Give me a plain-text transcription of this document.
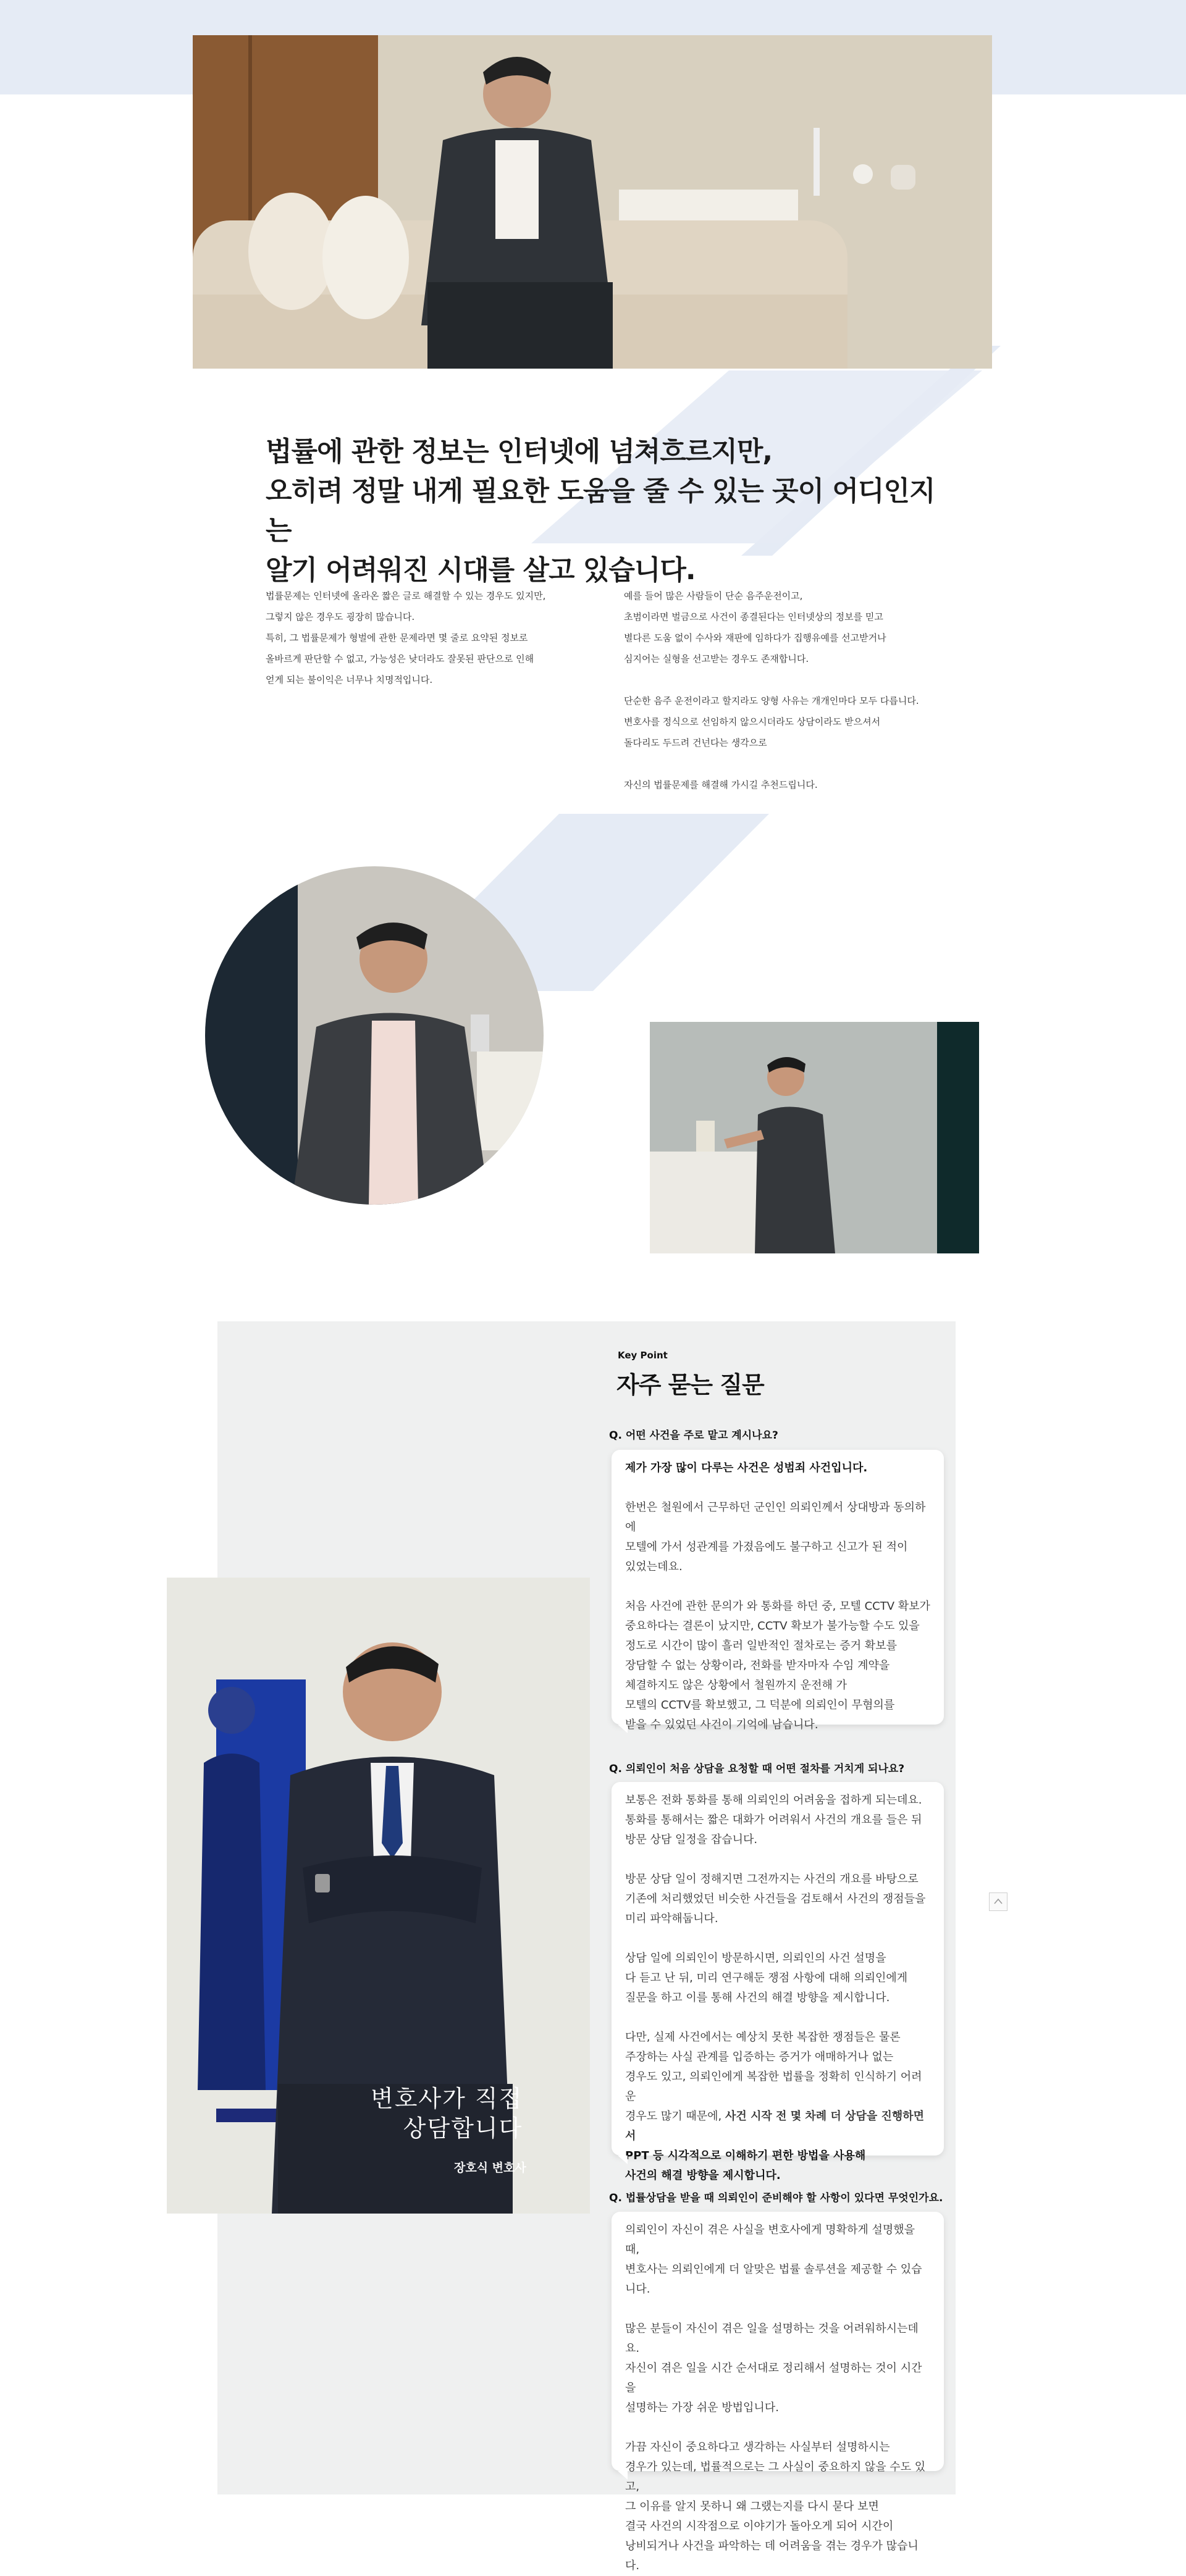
법률에 관한 정보는 인터넷에 넘쳐흐르지만,
오히려 정말 내게 필요한 도움을 줄 수 있는 곳이 어디인지는
알기 어려워진 시대를 살고 있습니다.

법률문제는 인터넷에 올라온 짧은 글로 해결할 수 있는 경우도 있지만,
그렇지 않은 경우도 굉장히 많습니다.
특히, 그 법률문제가 형벌에 관한 문제라면 몇 줄로 요약된 정보로
올바르게 판단할 수 없고, 가능성은 낮더라도 잘못된 판단으로 인해
얻게 되는 불이익은 너무나 치명적입니다.

예를 들어 많은 사람들이 단순 음주운전이고,
초범이라면 벌금으로 사건이 종결된다는 인터넷상의 정보를 믿고
별다른 도움 없이 수사와 재판에 임하다가 집행유예를 선고받거나
심지어는 실형을 선고받는 경우도 존재합니다.
단순한 음주 운전이라고 할지라도 양형 사유는 개개인마다 모두 다릅니다.
변호사를 정식으로 선임하지 않으시더라도 상담이라도 받으셔서
돌다리도 두드려 건넌다는 생각으로
자신의 법률문제를 해결해 가시길 추천드립니다.

Key Point
자주 묻는 질문
Q. 어떤 사건을 주로 맡고 계시나요?

제가 가장 많이 다루는 사건은 성범죄 사건입니다.
한번은 철원에서 근무하던 군인인 의뢰인께서 상대방과 동의하에
모텔에 가서 성관계를 가졌음에도 불구하고 신고가 된 적이
있었는데요.
처음 사건에 관한 문의가 와 통화를 하던 중, 모텔 CCTV 확보가
중요하다는 결론이 났지만, CCTV 확보가 불가능할 수도 있을
정도로 시간이 많이 흘러 일반적인 절차로는 증거 확보를
장담할 수 없는 상황이라, 전화를 받자마자 수임 계약을
체결하지도 않은 상황에서 철원까지 운전해 가
모텔의 CCTV를 확보했고, 그 덕분에 의뢰인이 무혐의를
받을 수 있었던 사건이 기억에 남습니다.

Q. 의뢰인이 처음 상담을 요청할 때 어떤 절차를 거치게 되나요?

보통은 전화 통화를 통해 의뢰인의 어려움을 접하게 되는데요.
통화를 통해서는 짧은 대화가 어려워서 사건의 개요를 들은 뒤
방문 상담 일정을 잡습니다.
방문 상담 일이 정해지면 그전까지는 사건의 개요를 바탕으로
기존에 처리했었던 비슷한 사건들을 검토해서 사건의 쟁점들을
미리 파악해둡니다.
상담 일에 의뢰인이 방문하시면, 의뢰인의 사건 설명을
다 듣고 난 뒤, 미리 연구해둔 쟁점 사항에 대해 의뢰인에게
질문을 하고 이를 통해 사건의 해결 방향을 제시합니다.
다만, 실제 사건에서는 예상치 못한 복잡한 쟁점들은 물론
주장하는 사실 관계를 입증하는 증거가 애매하거나 없는
경우도 있고, 의뢰인에게 복잡한 법률을 정확히 인식하기 어려운
경우도 많기 때문에, 사건 시작 전 몇 차례 더 상담을 진행하면서
PPT 등 시각적으로 이해하기 편한 방법을 사용해
사건의 해결 방향을 제시합니다.

Q. 법률상담을 받을 때 의뢰인이 준비해야 할 사항이 있다면 무엇인가요.

의뢰인이 자신이 겪은 사실을 변호사에게 명확하게 설명했을 때,
변호사는 의뢰인에게 더 알맞은 법률 솔루션을 제공할 수 있습니다.
많은 분들이 자신이 겪은 일을 설명하는 것을 어려워하시는데요.
자신이 겪은 일을 시간 순서대로 정리해서 설명하는 것이 시간을
설명하는 가장 쉬운 방법입니다.
가끔 자신이 중요하다고 생각하는 사실부터 설명하시는
경우가 있는데, 법률적으로는 그 사실이 중요하지 않을 수도 있고,
그 이유를 알지 못하니 왜 그랬는지를 다시 묻다 보면
결국 사건의 시작점으로 이야기가 돌아오게 되어 시간이
낭비되거나 사건을 파악하는 데 어려움을 겪는 경우가 많습니다.

변호사가 직접
상담합니다
장호식 변호사
